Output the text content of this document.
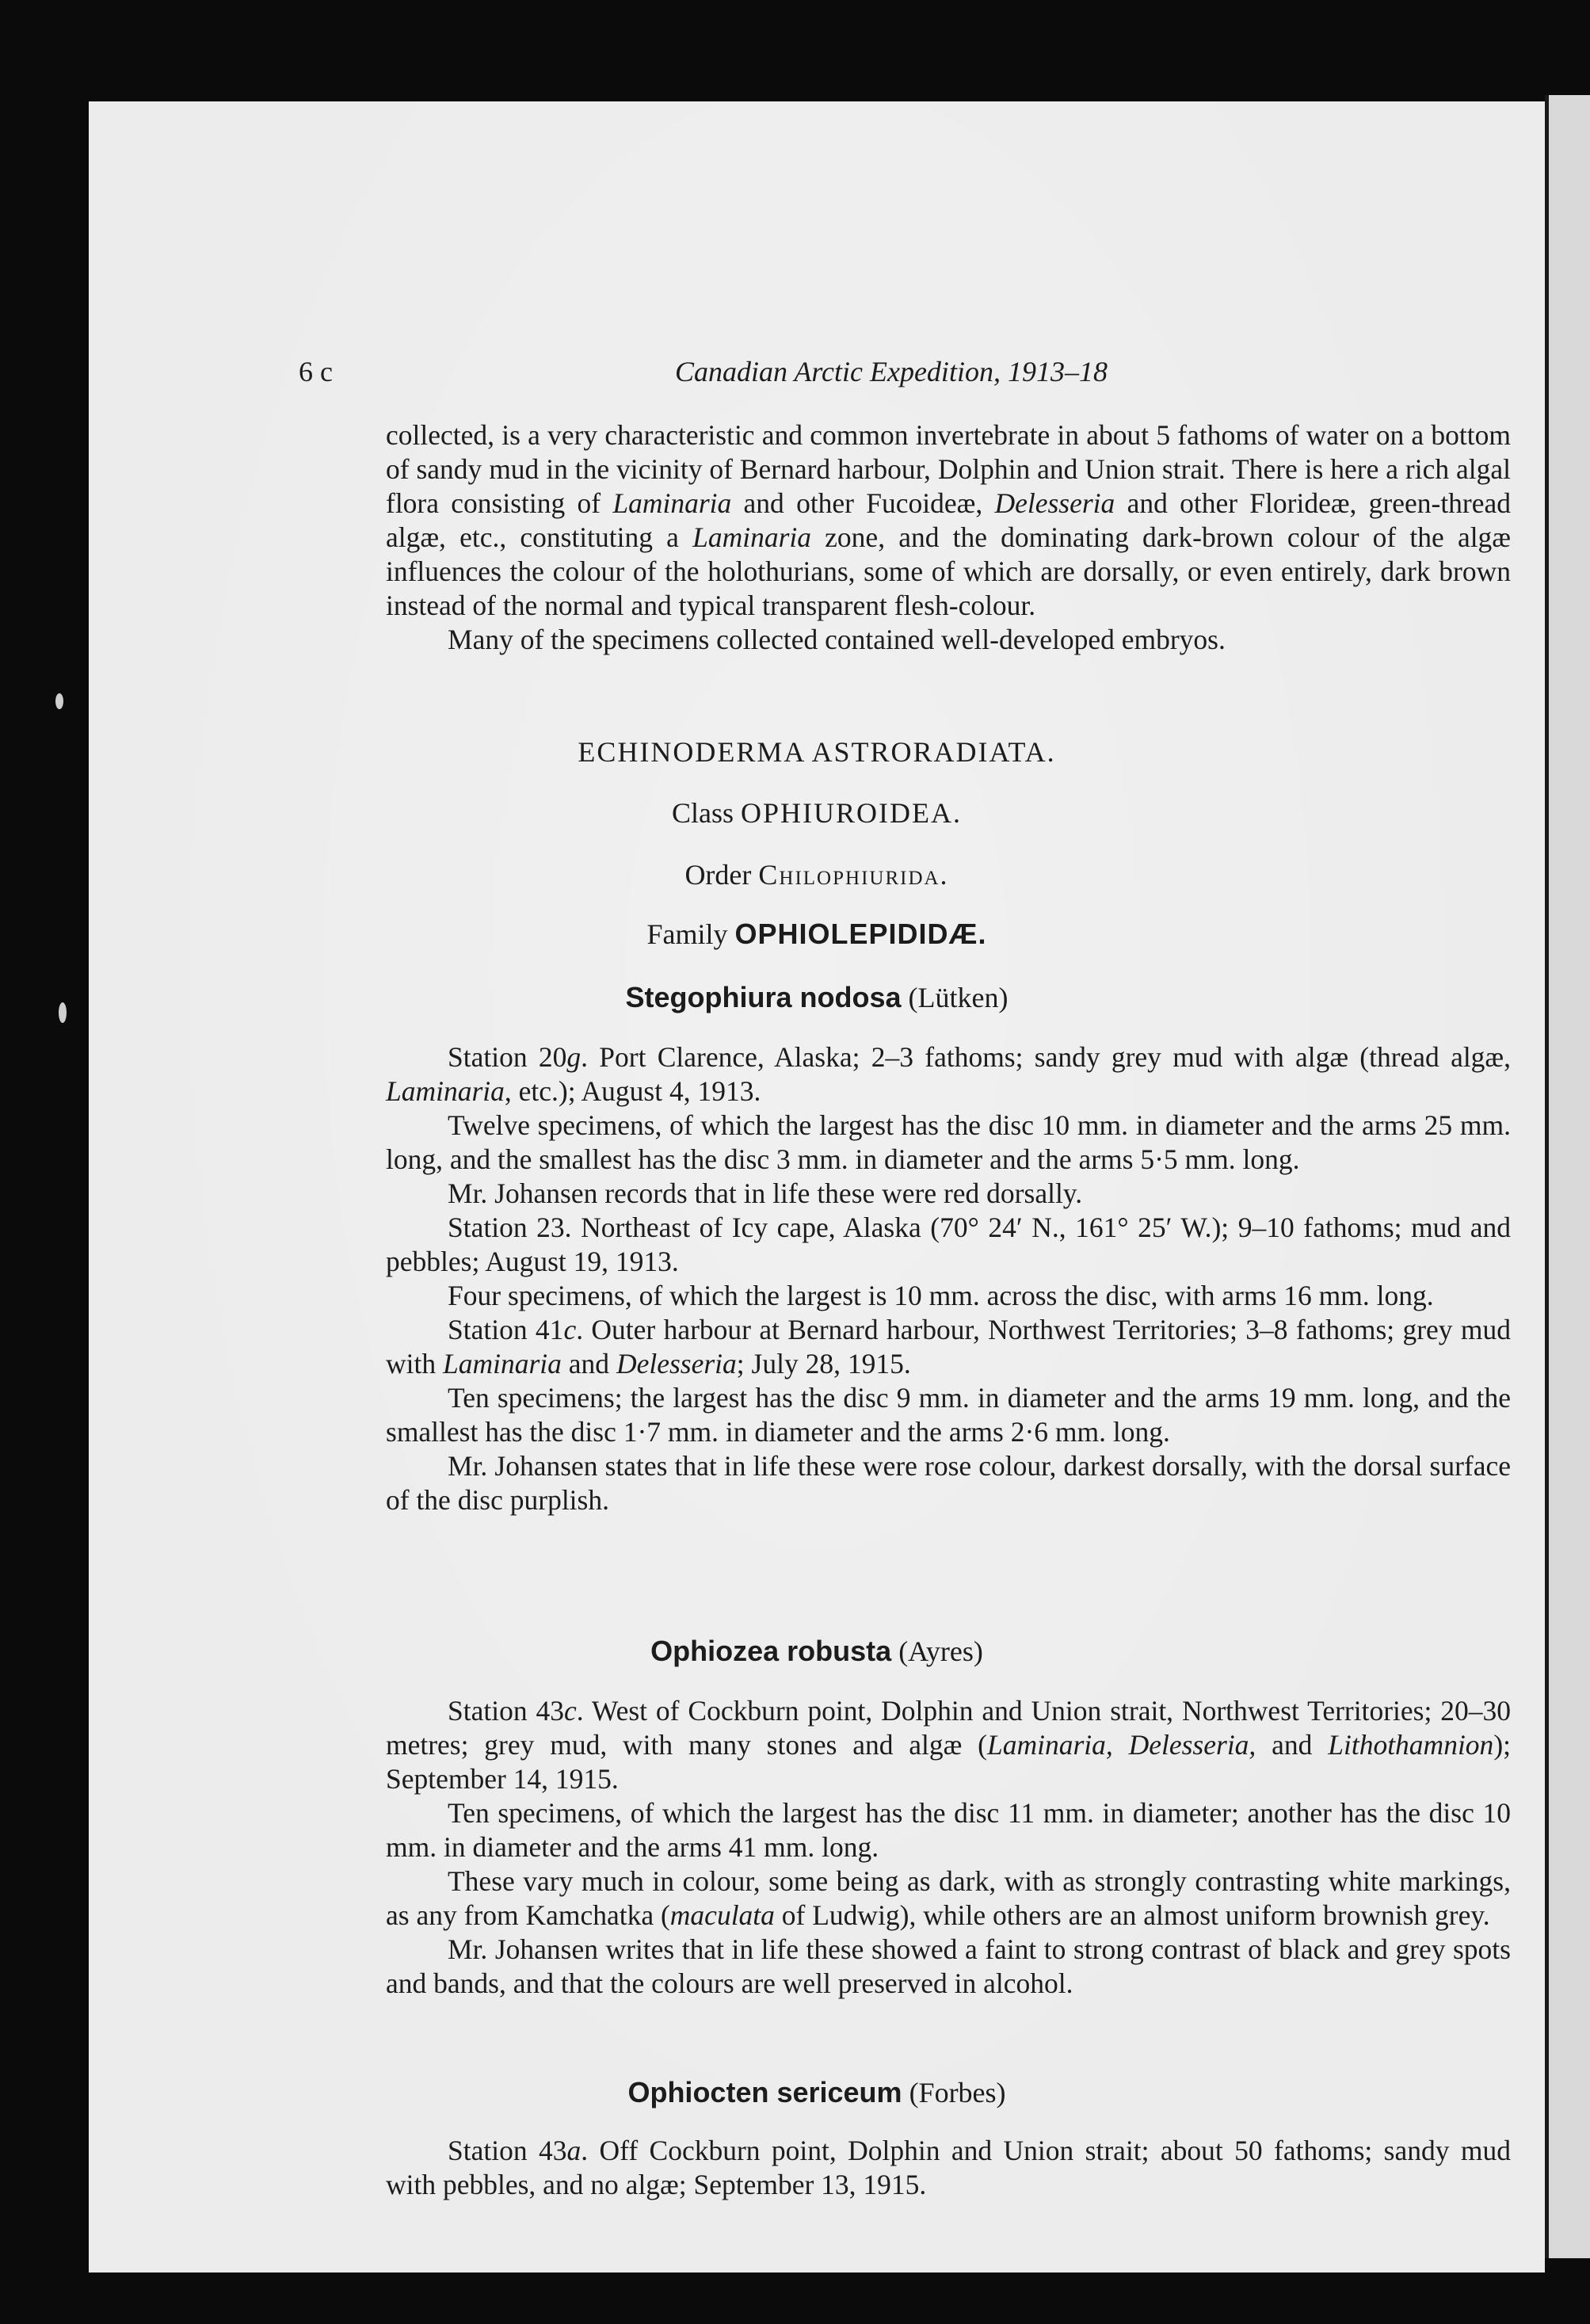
6 c	Canadian Arctic Expedition, 1913–18

collected, is a very characteristic and common invertebrate in about 5 fathoms of water on a bottom of sandy mud in the vicinity of Bernard harbour, Dolphin and Union strait. There is here a rich algal flora consisting of Laminaria and other Fucoideæ, Delesseria and other Florideæ, green-thread algæ, etc., constituting a Laminaria zone, and the dominating dark-brown colour of the algæ influences the colour of the holothurians, some of which are dorsally, or even entirely, dark brown instead of the normal and typical transparent flesh-colour.

Many of the specimens collected contained well-developed embryos.

ECHINODERMA ASTRORADIATA.
Class OPHIUROIDEA.
Order Chilophiurida.
Family OPHIOLEPIDIDÆ.
Stegophiura nodosa (Lütken)

Station 20g. Port Clarence, Alaska; 2–3 fathoms; sandy grey mud with algæ (thread algæ, Laminaria, etc.); August 4, 1913.

Twelve specimens, of which the largest has the disc 10 mm. in diameter and the arms 25 mm. long, and the smallest has the disc 3 mm. in diameter and the arms 5·5 mm. long.

Mr. Johansen records that in life these were red dorsally.

Station 23. Northeast of Icy cape, Alaska (70° 24′ N., 161° 25′ W.); 9–10 fathoms; mud and pebbles; August 19, 1913.

Four specimens, of which the largest is 10 mm. across the disc, with arms 16 mm. long.

Station 41c. Outer harbour at Bernard harbour, Northwest Territories; 3–8 fathoms; grey mud with Laminaria and Delesseria; July 28, 1915.

Ten specimens; the largest has the disc 9 mm. in diameter and the arms 19 mm. long, and the smallest has the disc 1·7 mm. in diameter and the arms 2·6 mm. long.

Mr. Johansen states that in life these were rose colour, darkest dorsally, with the dorsal surface of the disc purplish.

Ophiozea robusta (Ayres)

Station 43c. West of Cockburn point, Dolphin and Union strait, Northwest Territories; 20–30 metres; grey mud, with many stones and algæ (Laminaria, Delesseria, and Lithothamnion); September 14, 1915.

Ten specimens, of which the largest has the disc 11 mm. in diameter; another has the disc 10 mm. in diameter and the arms 41 mm. long.

These vary much in colour, some being as dark, with as strongly contrasting white markings, as any from Kamchatka (maculata of Ludwig), while others are an almost uniform brownish grey.

Mr. Johansen writes that in life these showed a faint to strong contrast of black and grey spots and bands, and that the colours are well preserved in alcohol.

Ophiocten sericeum (Forbes)

Station 43a. Off Cockburn point, Dolphin and Union strait; about 50 fathoms; sandy mud with pebbles, and no algæ; September 13, 1915.
